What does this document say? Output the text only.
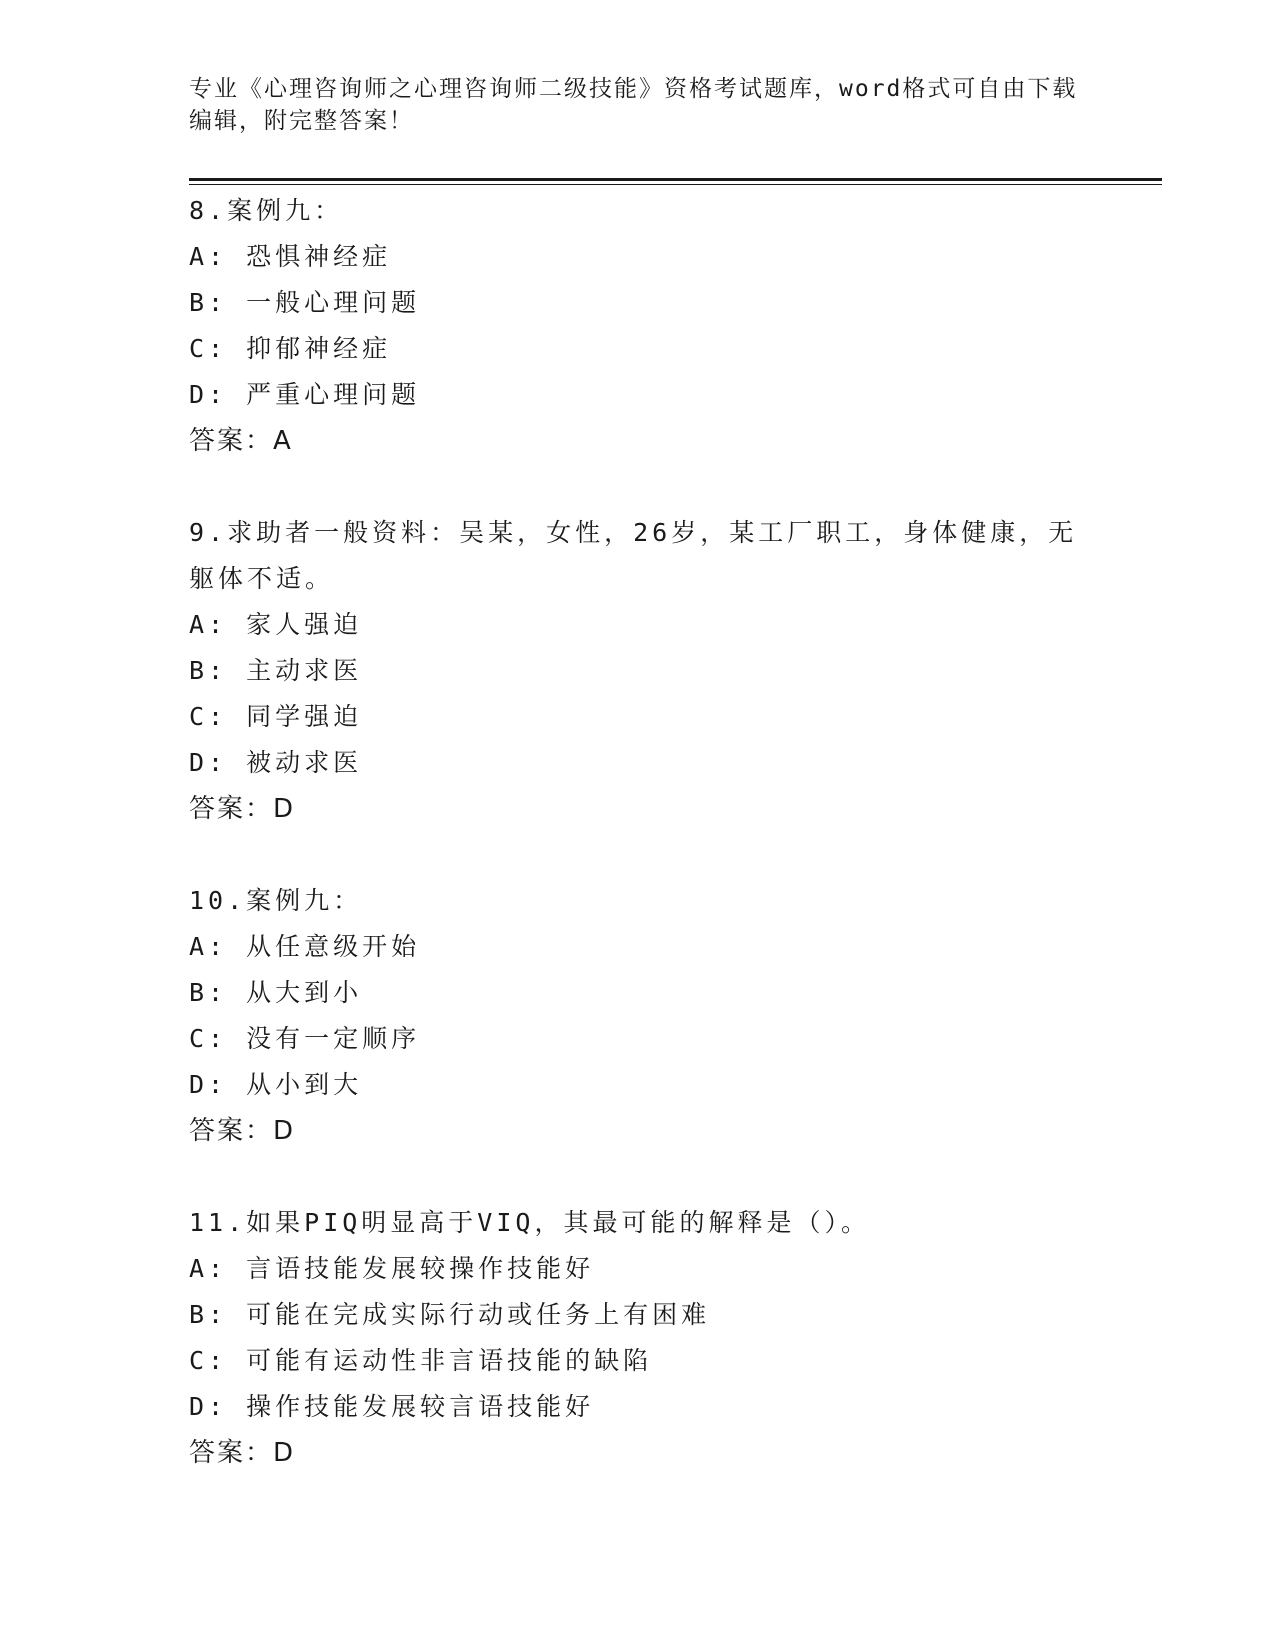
专业《心理咨询师之心理咨询师二级技能》资格考试题库，word格式可自由下载
编辑，附完整答案！
8.案例九：
A: 恐惧神经症
B: 一般心理问题
C: 抑郁神经症
D: 严重心理问题
答案：A
9.求助者一般资料：吴某，女性，26岁，某工厂职工，身体健康，无
躯体不适。
A: 家人强迫
B: 主动求医
C: 同学强迫
D: 被动求医
答案：D
10.案例九：
A: 从任意级开始
B: 从大到小
C: 没有一定顺序
D: 从小到大
答案：D
11.如果PIQ明显高于VIQ，其最可能的解释是（）。
A: 言语技能发展较操作技能好
B: 可能在完成实际行动或任务上有困难
C: 可能有运动性非言语技能的缺陷
D: 操作技能发展较言语技能好
答案：D
